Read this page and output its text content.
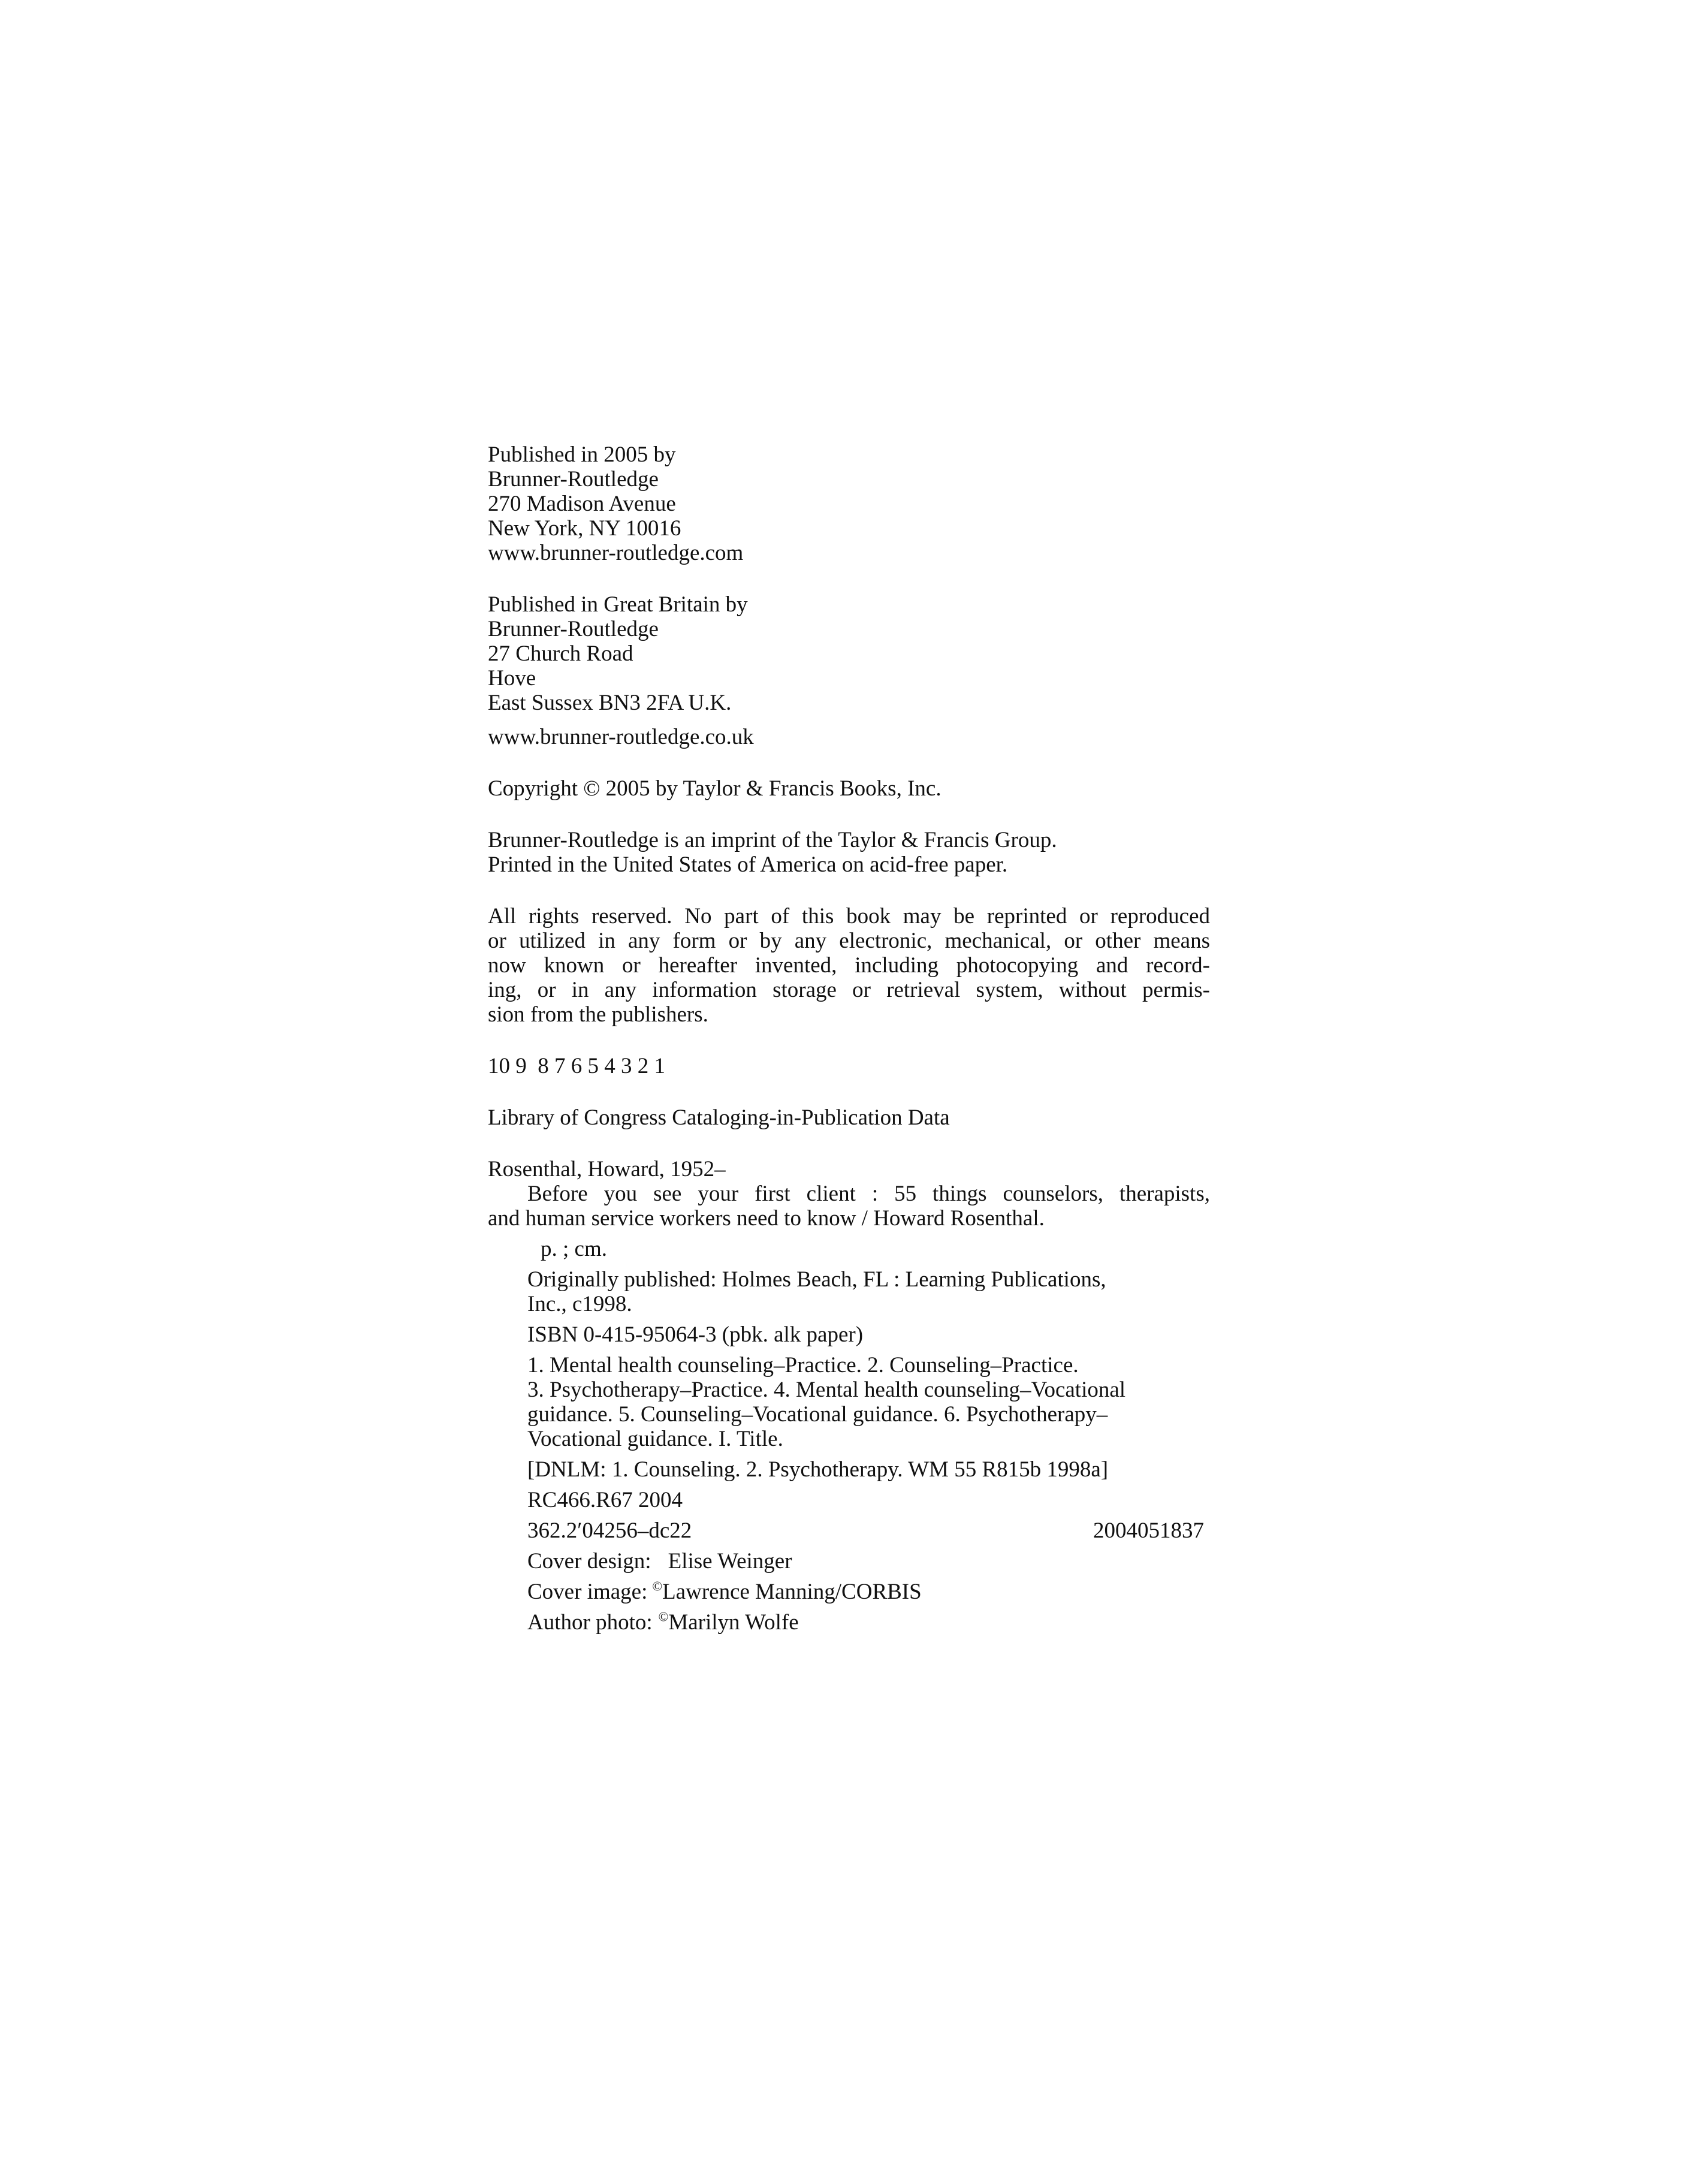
Published in 2005 by
Brunner-Routledge
270 Madison Avenue
New York, NY 10016
www.brunner-routledge.com
Published in Great Britain by
Brunner-Routledge
27 Church Road
Hove
East Sussex BN3 2FA U.K.
www.brunner-routledge.co.uk
Copyright © 2005 by Taylor & Francis Books, Inc.
Brunner-Routledge is an imprint of the Taylor & Francis Group.
Printed in the United States of America on acid-free paper.
All rights reserved. No part of this book may be reprinted or reproduced
or utilized in any form or by any electronic, mechanical, or other means
now known or hereafter invented, including photocopying and record-
ing, or in any information storage or retrieval system, without permis-
sion from the publishers.
10 9  8 7 6 5 4 3 2 1
Library of Congress Cataloging-in-Publication Data
Rosenthal, Howard, 1952–
Before you see your first client : 55 things counselors, therapists,
and human service workers need to know / Howard Rosenthal.
p. ; cm.
Originally published: Holmes Beach, FL : Learning Publications,
Inc., c1998.
ISBN 0-415-95064-3 (pbk. alk paper)
1. Mental health counseling–Practice. 2. Counseling–Practice.
3. Psychotherapy–Practice. 4. Mental health counseling–Vocational
guidance. 5. Counseling–Vocational guidance. 6. Psychotherapy–
Vocational guidance. I. Title.
[DNLM: 1. Counseling. 2. Psychotherapy. WM 55 R815b 1998a]
RC466.R67 2004
362.2′04256–dc22	2004051837
Cover design: Elise Weinger
Cover image: ©Lawrence Manning/CORBIS
Author photo: ©Marilyn Wolfe
